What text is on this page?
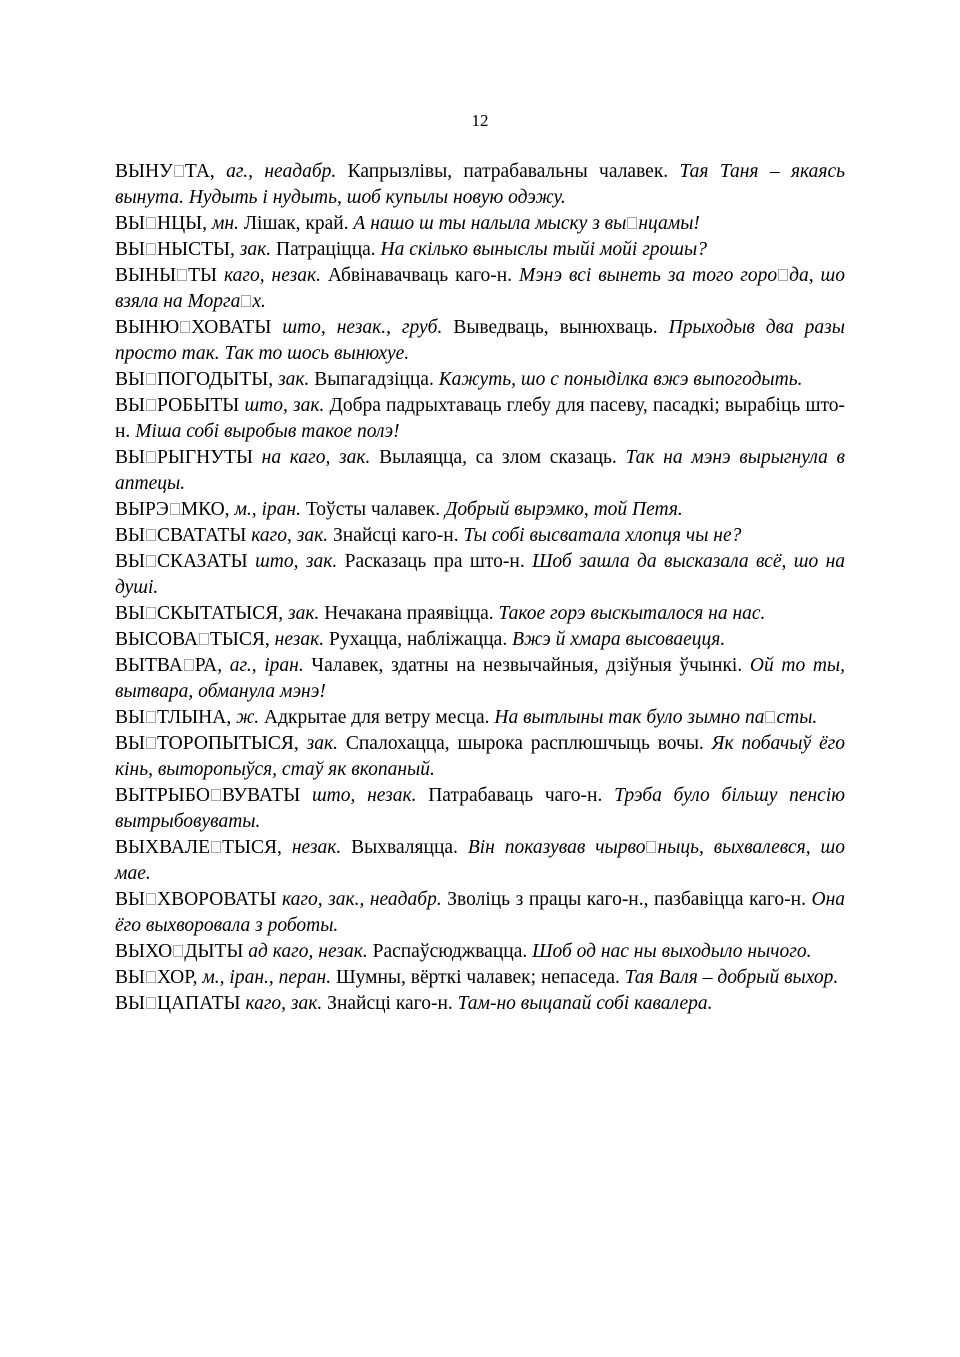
12

ВЫНУ ТА, аг., неадабр. Капрызлівы, патрабавальны чалавек. Тая Таня – якаясь вынута. Нудыть і нудыть, шоб купылы новую одэжу.

ВЫ НЦЫ, мн. Лішак, край. А нашо ш ты налыла мыску з вы нцамы!

ВЫ НЫСТЫ, зак. Патраціцца. На скілько выныслы тыйі мойі грошы?

ВЫНЫ ТЫ каго, незак. Абвінавачваць каго-н. Мэнэ всі вынеть за того горо да, шо взяла на Морга х.

ВЫНЮ ХОВАТЫ што, незак., груб. Выведваць, вынюхваць. Прыходыв два разы просто так. Так то шось вынюхуе.

ВЫ ПОГОДЫТЫ, зак. Выпагадзіцца. Кажуть, шо с поныділка вжэ выпогодыть.

ВЫ РОБЫТЫ што, зак. Добра падрыхтаваць глебу для пасеву, пасадкі; вырабіць што-н. Міша собі выробыв такое полэ!

ВЫ РЫГНУТЫ на каго, зак. Вылаяцца, са злом сказаць. Так на мэнэ вырыгнула в аптецы.

ВЫРЭ МКО, м., іран. Тоўсты чалавек. Добрый вырэмко, той Петя.

ВЫ СВАТАТЫ каго, зак. Знайсці каго-н. Ты собі высватала хлопця чы не?

ВЫ СКАЗАТЫ што, зак. Расказаць пра што-н. Шоб зашла да высказала всё, шо на душі.

ВЫ СКЫТАТЫСЯ, зак. Нечакана праявіцца. Такое горэ выскыталося на нас.

ВЫСОВА ТЫСЯ, незак. Рухацца, набліжацца. Вжэ й хмара высоваецця.

ВЫТВА РА, аг., іран. Чалавек, здатны на незвычайныя, дзіўныя ўчынкі. Ой то ты, вытвара, обманула мэнэ!

ВЫ ТЛЫНА, ж. Адкрытае для ветру месца. На вытлыны так було зымно па сты.

ВЫ ТОРОПЫТЫСЯ, зак. Спалохацца, шырока расплюшчыць вочы. Як побачыў ёго кінь, выторопыўся, стаў як вкопаный.

ВЫТРЫБО ВУВАТЫ што, незак. Патрабаваць чаго-н. Трэба було більшу пенсію вытрыбовуваты.

ВЫХВАЛЕ ТЫСЯ, незак. Выхваляцца. Він показував чырво ныць, выхвалевся, шо мае.

ВЫ ХВОРОВАТЫ каго, зак., неадабр. Зволіць з працы каго-н., пазбавіцца каго-н. Она ёго выхворовала з роботы.

ВЫХО ДЫТЫ ад каго, незак. Распаўсюджвацца. Шоб од нас ны выходыло нычого.

ВЫ ХОР, м., іран., перан. Шумны, вёрткі чалавек; непаседа. Тая Валя – добрый выхор.

ВЫ ЦАПАТЫ каго, зак. Знайсці каго-н. Там-но выцапай собі кавалера.
